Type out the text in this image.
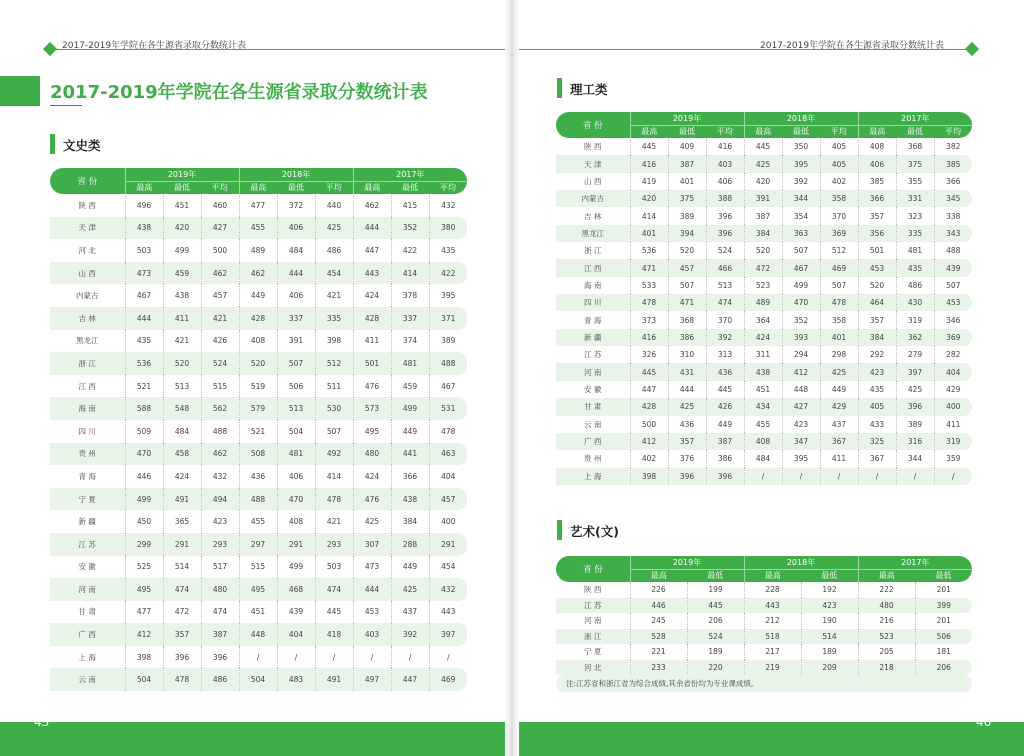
2017-2019年学院在各生源省录取分数统计表
2017-2019年学院在各生源省录取分数统计表
文史类
省 份	2019年			2018年			2017年		
	最高	最低	平均	最高	最低	平均	最高	最低	平均
陕 西	496	451	460	477	372	440	462	415	432
天 津	438	420	427	455	406	425	444	352	380
河 北	503	499	500	489	484	486	447	422	435
山 西	473	459	462	462	444	454	443	414	422
内蒙古	467	438	457	449	406	421	424	378	395
吉 林	444	411	421	428	337	335	428	337	371
黑龙江	435	421	426	408	391	398	411	374	389
浙 江	536	520	524	520	507	512	501	481	488
江 西	521	513	515	519	506	511	476	459	467
海 南	588	548	562	579	513	530	573	499	531
四 川	509	484	488	521	504	507	495	449	478
贵 州	470	458	462	508	481	492	480	441	463
青 海	446	424	432	436	406	414	424	366	404
宁 夏	499	491	494	488	470	478	476	438	457
新 疆	450	365	423	455	408	421	425	384	400
江 苏	299	291	293	297	291	293	307	288	291
安 徽	525	514	517	515	499	503	473	449	454
河 南	495	474	480	495	468	474	444	425	432
甘 肃	477	472	474	451	439	445	453	437	443
广 西	412	357	387	448	404	418	403	392	397
上 海	398	396	396	/	/	/	/	/	/
云 南	504	478	486	504	483	491	497	447	469
45
2017-2019年学院在各生源省录取分数统计表
理工类
省 份	2019年			2018年			2017年		
	最高	最低	平均	最高	最低	平均	最高	最低	平均
陕 西	445	409	416	445	350	405	408	368	382
天 津	416	387	403	425	395	405	406	375	385
山 西	419	401	406	420	392	402	385	355	366
内蒙古	420	375	388	391	344	358	366	331	345
吉 林	414	389	396	387	354	370	357	323	338
黑龙江	401	394	396	384	363	369	356	335	343
浙 江	536	520	524	520	507	512	501	481	488
江 西	471	457	466	472	467	469	453	435	439
海 南	533	507	513	523	499	507	520	486	507
四 川	478	471	474	489	470	478	464	430	453
青 海	373	368	370	364	352	358	357	319	346
新 疆	416	386	392	424	393	401	384	362	369
江 苏	326	310	313	311	294	298	292	279	282
河 南	445	431	436	438	412	425	423	397	404
安 徽	447	444	445	451	448	449	435	425	429
甘 肃	428	425	426	434	427	429	405	396	400
云 南	500	436	449	455	423	437	433	389	411
广 西	412	357	387	408	347	367	325	316	319
贵 州	402	376	386	484	395	411	367	344	359
上 海	398	396	396	/	/	/	/	/	/
艺术(文)
省 份	2019年		2018年		2017年	
	最高	最低	最高	最低	最高	最低
陕 西	226	199	228	192	222	201
江 苏	446	445	443	423	480	399
河 南	245	206	212	190	216	201
浙 江	528	524	518	514	523	506
宁 夏	221	189	217	189	205	181
河 北	233	220	219	209	218	206
注:江苏省和浙江省为综合成绩,其余省份均为专业课成绩。						
46
